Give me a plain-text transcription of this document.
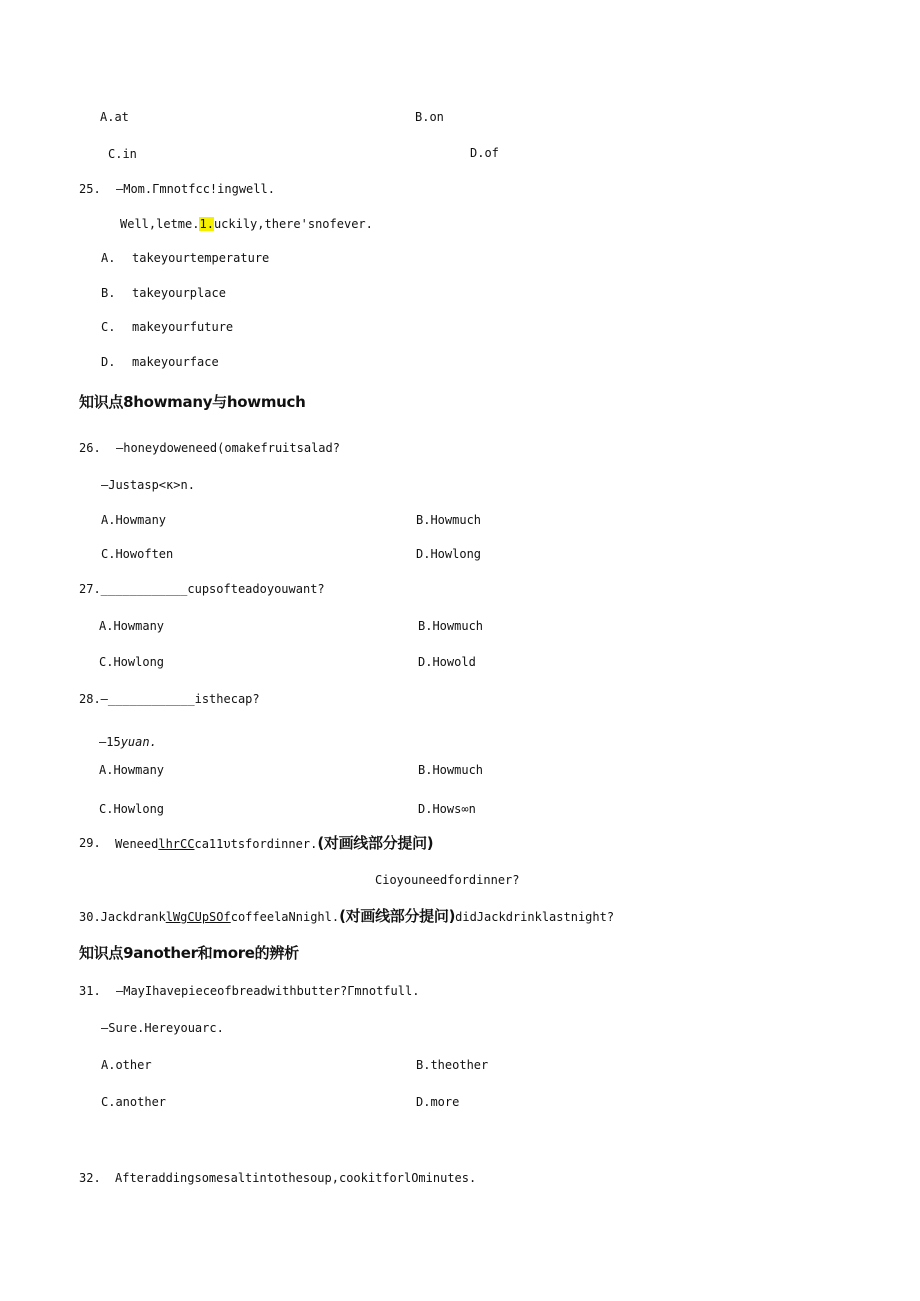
A.at	B.on
C.in	D.of
25. —Mom.Γmnotfcc!ingwell.
Well,letme.1.uckily,there'snofever.
A. takeyourtemperature
B. takeyourplace
C. makeyourfuture
D. makeyourface
知识点8howmany与howmuch
26. —honeydoweneed(omakefruitsalad?
—Justasp<κ>n.
A.Howmany	B.Howmuch
C.Howoften	D.Howlong
27.____________cupsofteadoyouwant?
A.Howmany	B.Howmuch
C.Howlong	D.Howold
28.—____________isthecap?
—15yuan.
A.Howmany	B.Howmuch
C.Howlong	D.Hows∞n
29. WeneedlhrCCca11υtsfordinner.(对画线部分提问)
Cioyouneedfordinner?
30.JackdranklWgCUpSOfcoffeelaNnighl.(对画线部分提问)didJackdrinklastnight?
知识点9another和more的辨析
31. —MayIhavepieceofbreadwithbutter?Γmnotfull.
—Sure.Hereyouarc.
A.other	B.theother
C.another	D.more
32. Afteraddingsomesaltintothesoup,cookitforlOminutes.
